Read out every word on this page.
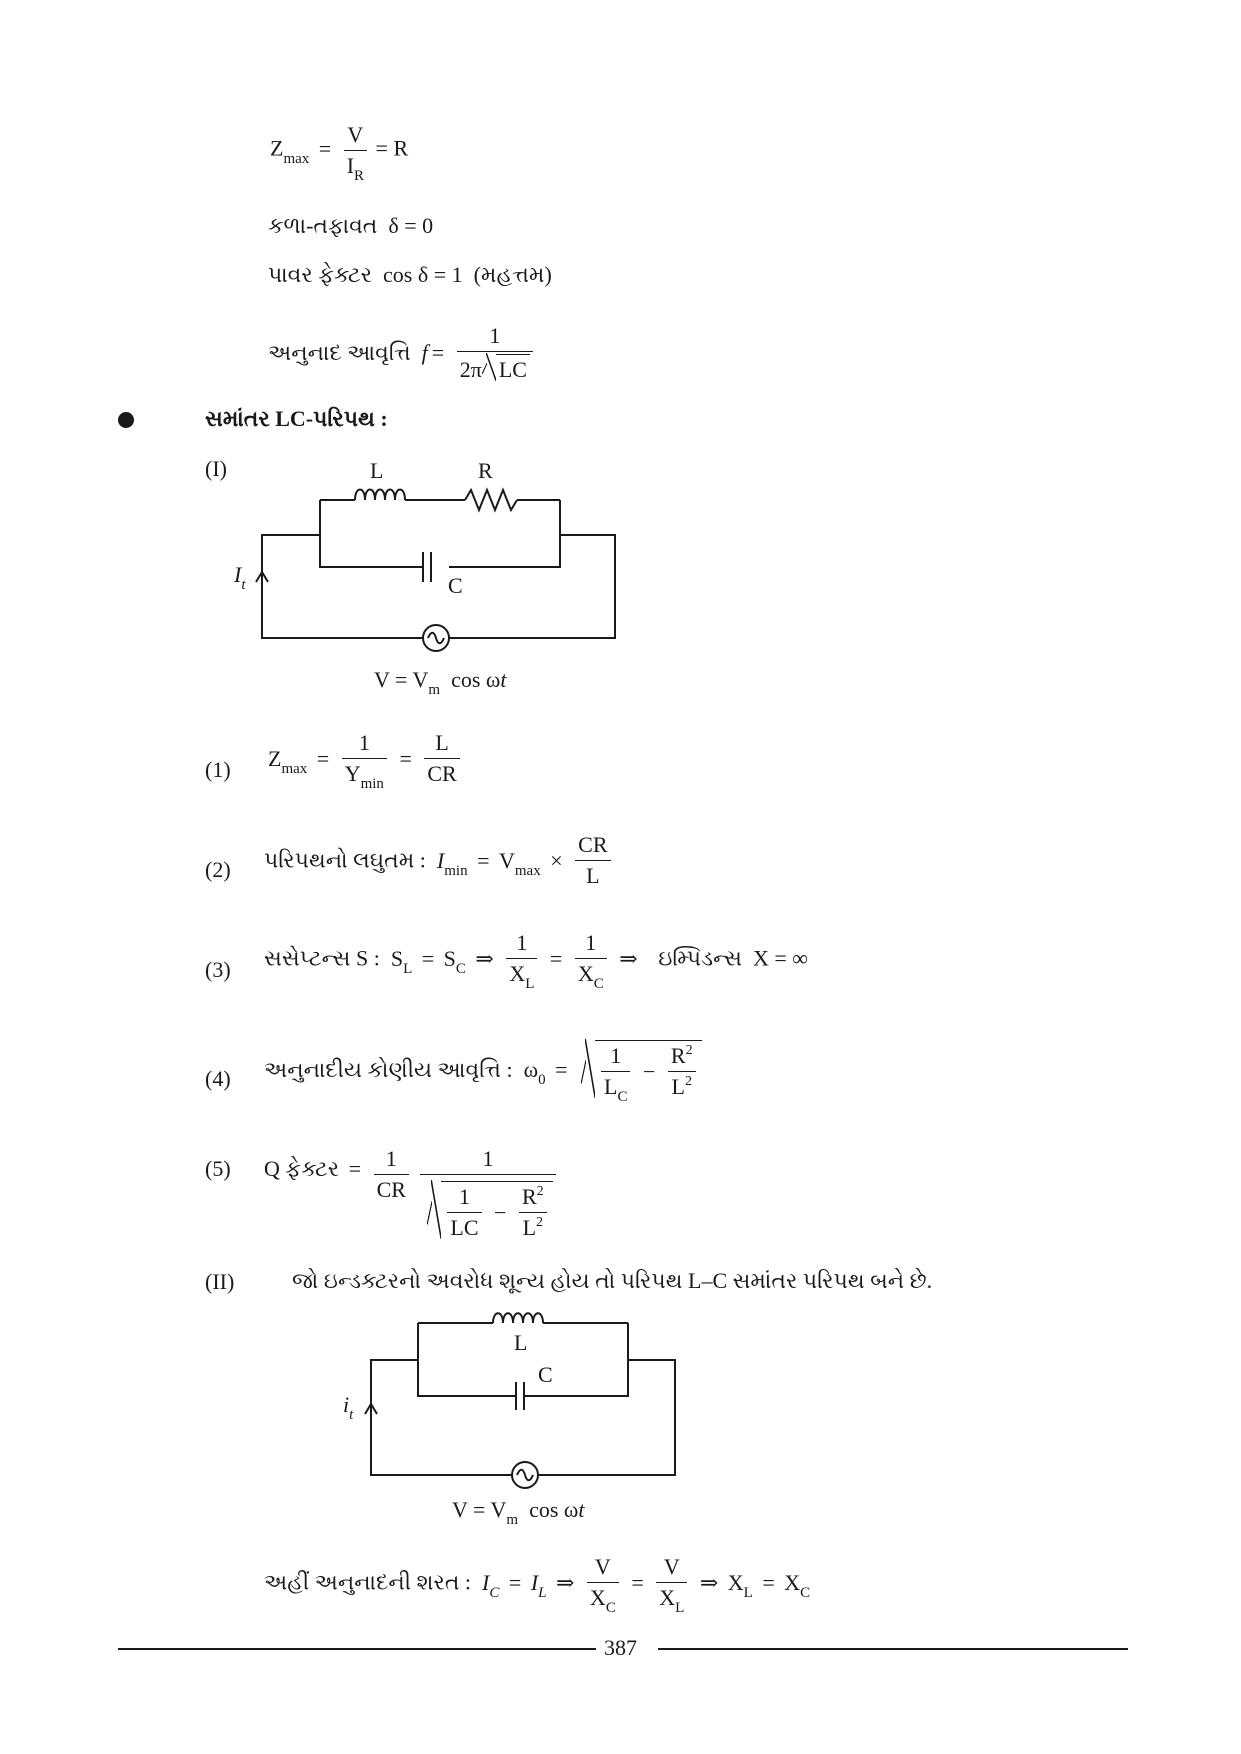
$Z_{max} = \frac{V}{I_R} = R$
કળા-તફાવત δ = 0
પાવર ફેક્ટર cos δ = 1 (મહત્તમ)
અનુનાદ આવૃત્તિ $f = \frac{1}{\text{2π LC}}$
સમાંતર LC-પરિપથ :
(I)	L	R
C
$I_t$
$V = V_m$ cos ωt
(1) $Z_{max} = \frac{1}{Y_{min}} = \frac{L}{CR}$
(2) પરિપથનો લઘુતમ : $I_{min} = V_{max} \times \frac{CR}{L}$
(3) સસેપ્ટન્સ S : $S_L = S_C$ ⇒ $\frac{1}{X_L} = \frac{1}{X_C}$ ⇒ ઇમ્પિડન્સ X = ∞
(4) અનુનાદીય કોણીય આવૃત્તિ : $\omega_0 = \frac{1}{L_C} - \frac{R^2}{L^2}$
(5) Q ફેક્ટર = $\frac{1}{CR}$
$\frac{1}{\frac{1}{LC} - \frac{R^2}{L^2}}$
(II)	જો ઇન્ડક્ટરનો અવરોધ શૂન્ય હોય તો પરિપથ L–C સમાંતર પરિપથ બને છે.
L
C
$i_t$
$V = V_m$ cos ωt
અહીં અનુનાદની શરત : $I_C = I_L$ ⇒ $\frac{V}{X_C} = \frac{V}{X_L}$ ⇒ $X_L = X_C$
387
